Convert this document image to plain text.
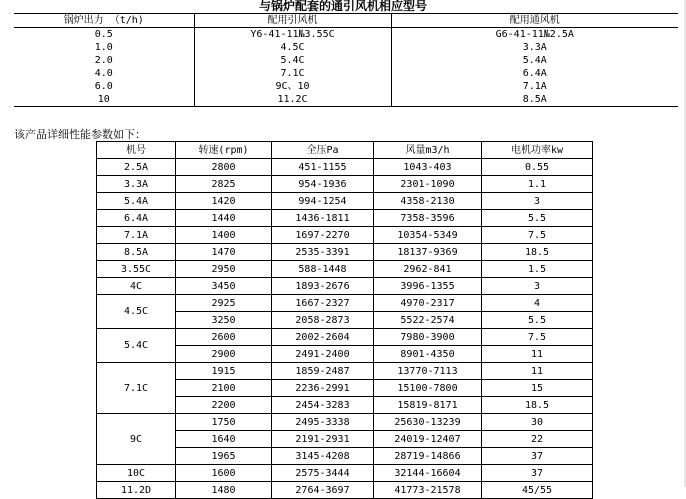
与锅炉配套的通引风机相应型号
锅炉出力 （t/h)	配用引风机	配用通风机
0.5	Y6-41-11№3.55C	G6-41-11№2.5A
1.0	4.5C	3.3A
2.0	5.4C	5.4A
4.0	7.1C	6.4A
6.0	9C、10	7.1A
10	11.2C	8.5A
该产品详细性能参数如下：
机号	转速(rpm)	全压Pa	风量m3/h	电机功率kw
2.5A	2800	451-1155	1043-403	0.55
3.3A	2825	954-1936	2301-1090	1.1
5.4A	1420	994-1254	4358-2130	3
6.4A	1440	1436-1811	7358-3596	5.5
7.1A	1400	1697-2270	10354-5349	7.5
8.5A	1470	2535-3391	18137-9369	18.5
3.55C	2950	588-1448	2962-841	1.5
4C	3450	1893-2676	3996-1355	3
4.5C	2925	1667-2327	4970-2317	4
	3250	2058-2873	5522-2574	5.5
5.4C	2600	2002-2604	7980-3900	7.5
	2900	2491-2400	8901-4350	11
7.1C	1915	1859-2487	13770-7113	11
	2100	2236-2991	15100-7800	15
	2200	2454-3283	15819-8171	18.5
9C	1750	2495-3338	25630-13239	30
	1640	2191-2931	24019-12407	22
	1965	3145-4208	28719-14866	37
10C	1600	2575-3444	32144-16604	37
11.2D	1480	2764-3697	41773-21578	45/55
